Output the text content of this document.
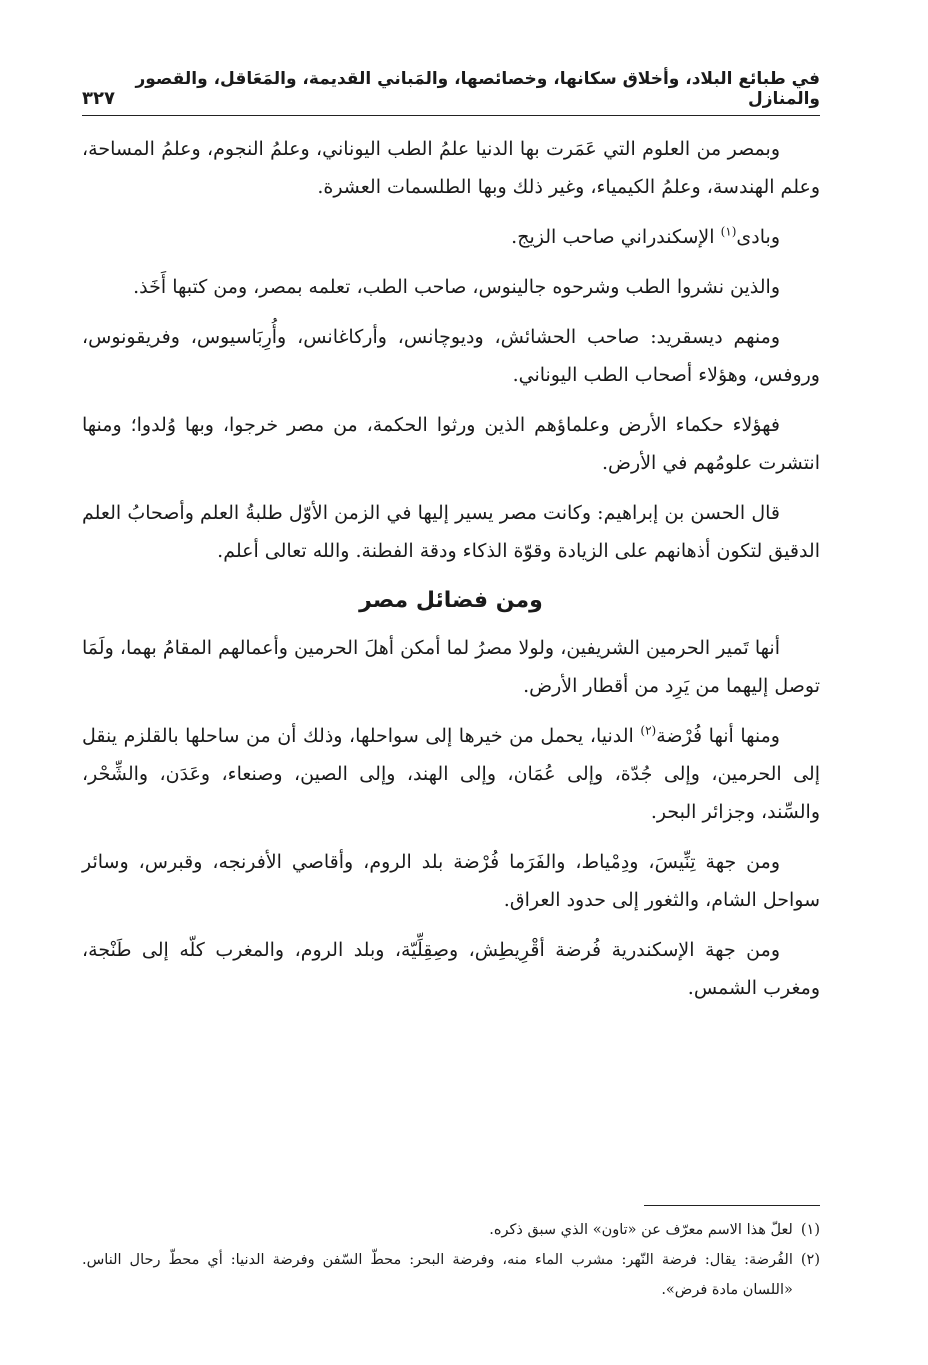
في طبائع البلاد، وأخلاق سكانها، وخصائصها، والمَباني القديمة، والمَعَاقل، والقصور والمنازل
٣٢٧

وبمصر من العلوم التي عَمَرت بها الدنيا علمُ الطب اليوناني، وعلمُ النجوم، وعلمُ المساحة، وعلم الهندسة، وعلمُ الكيمياء، وغير ذلك وبها الطلسمات العشرة.

وبادى$^{(١)}$ الإسكندراني صاحب الزيج.

والذين نشروا الطب وشرحوه جالينوس، صاحب الطب، تعلمه بمصر، ومن كتبها أَخَذ.

ومنهم ديسقريد: صاحب الحشائش، وديوچانس، وأركاغانس، وأُرِبَاسيوس، وفريقونوس، وروفس، وهؤلاء أصحاب الطب اليوناني.

فهؤلاء حكماء الأرض وعلماؤهم الذين ورثوا الحكمة، من مصر خرجوا، وبها وُلدوا؛ ومنها انتشرت علومُهم في الأرض.

قال الحسن بن إبراهيم: وكانت مصر يسير إليها في الزمن الأوّل طلبةُ العلم وأصحابُ العلم الدقيق لتكون أذهانهم على الزيادة وقوّة الذكاء ودقة الفطنة. والله تعالى أعلم.

ومن فضائل مصر

أنها تَمير الحرمين الشريفين، ولولا مصرُ لما أمكن أهلَ الحرمين وأعمالهم المقامُ بهما، ولَمَا توصل إليهما من يَرِد من أقطار الأرض.

ومنها أنها فُرْضة$^{(٢)}$ الدنيا، يحمل من خيرها إلى سواحلها، وذلك أن من ساحلها بالقلزم ينقل إلى الحرمين، وإلى جُدّة، وإلى عُمَان، وإلى الهند، وإلى الصين، وصنعاء، وعَدَن، والشِّحْر، والسِّند، وجزائر البحر.

ومن جهة تِنِّيسَ، ودِمْياط، والفَرَما فُرْضة بلد الروم، وأقاصي الأفرنجه، وقبرس، وسائر سواحل الشام، والثغور إلى حدود العراق.

ومن جهة الإسكندرية فُرضة أقْرِيطِش، وصِقِلِّيّة، وبلد الروم، والمغرب كلّه إلى طَنْجة، ومغرب الشمس.

(١)
لعلّ هذا الاسم معرّف عن «تاون» الذي سبق ذكره.
(٢)
الفُرضة: يقال: فرضة النّهر: مشرب الماء منه، وفرضة البحر: محطّ السّفن وفرضة الدنيا: أي محطّ رحال الناس. «اللسان مادة فرض».
